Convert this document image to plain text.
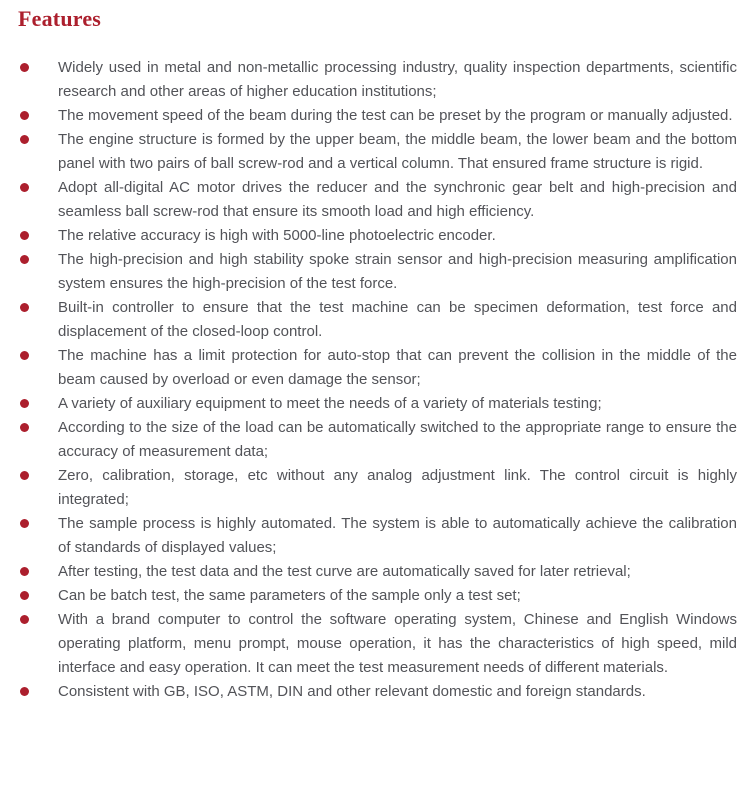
Features
Widely used in metal and non-metallic processing industry, quality inspection departments, scientific research and other areas of higher education institutions;
The movement speed of the beam during the test can be preset by the program or manually adjusted.
The engine structure is formed by the upper beam, the middle beam, the lower beam and the bottom panel with two pairs of ball screw-rod and a vertical column. That ensured frame structure is rigid.
Adopt all-digital AC motor drives the reducer and the synchronic gear belt and high-precision and seamless ball screw-rod that ensure its smooth load and high efficiency.
The relative accuracy is high with 5000-line photoelectric encoder.
The high-precision and high stability spoke strain sensor and high-precision measuring amplification system ensures the high-precision of the test force.
Built-in controller to ensure that the test machine can be specimen deformation, test force and displacement of the closed-loop control.
The machine has a limit protection for auto-stop that can prevent the collision in the middle of the beam caused by overload or even damage the sensor;
A variety of auxiliary equipment to meet the needs of a variety of materials testing;
According to the size of the load can be automatically switched to the appropriate range to ensure the accuracy of measurement data;
Zero, calibration, storage, etc without any analog adjustment link. The control circuit is highly integrated;
The sample process is highly automated. The system is able to automatically achieve the calibration of standards of displayed values;
After testing, the test data and the test curve are automatically saved for later retrieval;
Can be batch test, the same parameters of the sample only a test set;
With a brand computer to control the software operating system, Chinese and English Windows operating platform, menu prompt, mouse operation, it has the characteristics of high speed, mild interface and easy operation. It can meet the test measurement needs of different materials.
Consistent with GB, ISO, ASTM, DIN and other relevant domestic and foreign standards.
